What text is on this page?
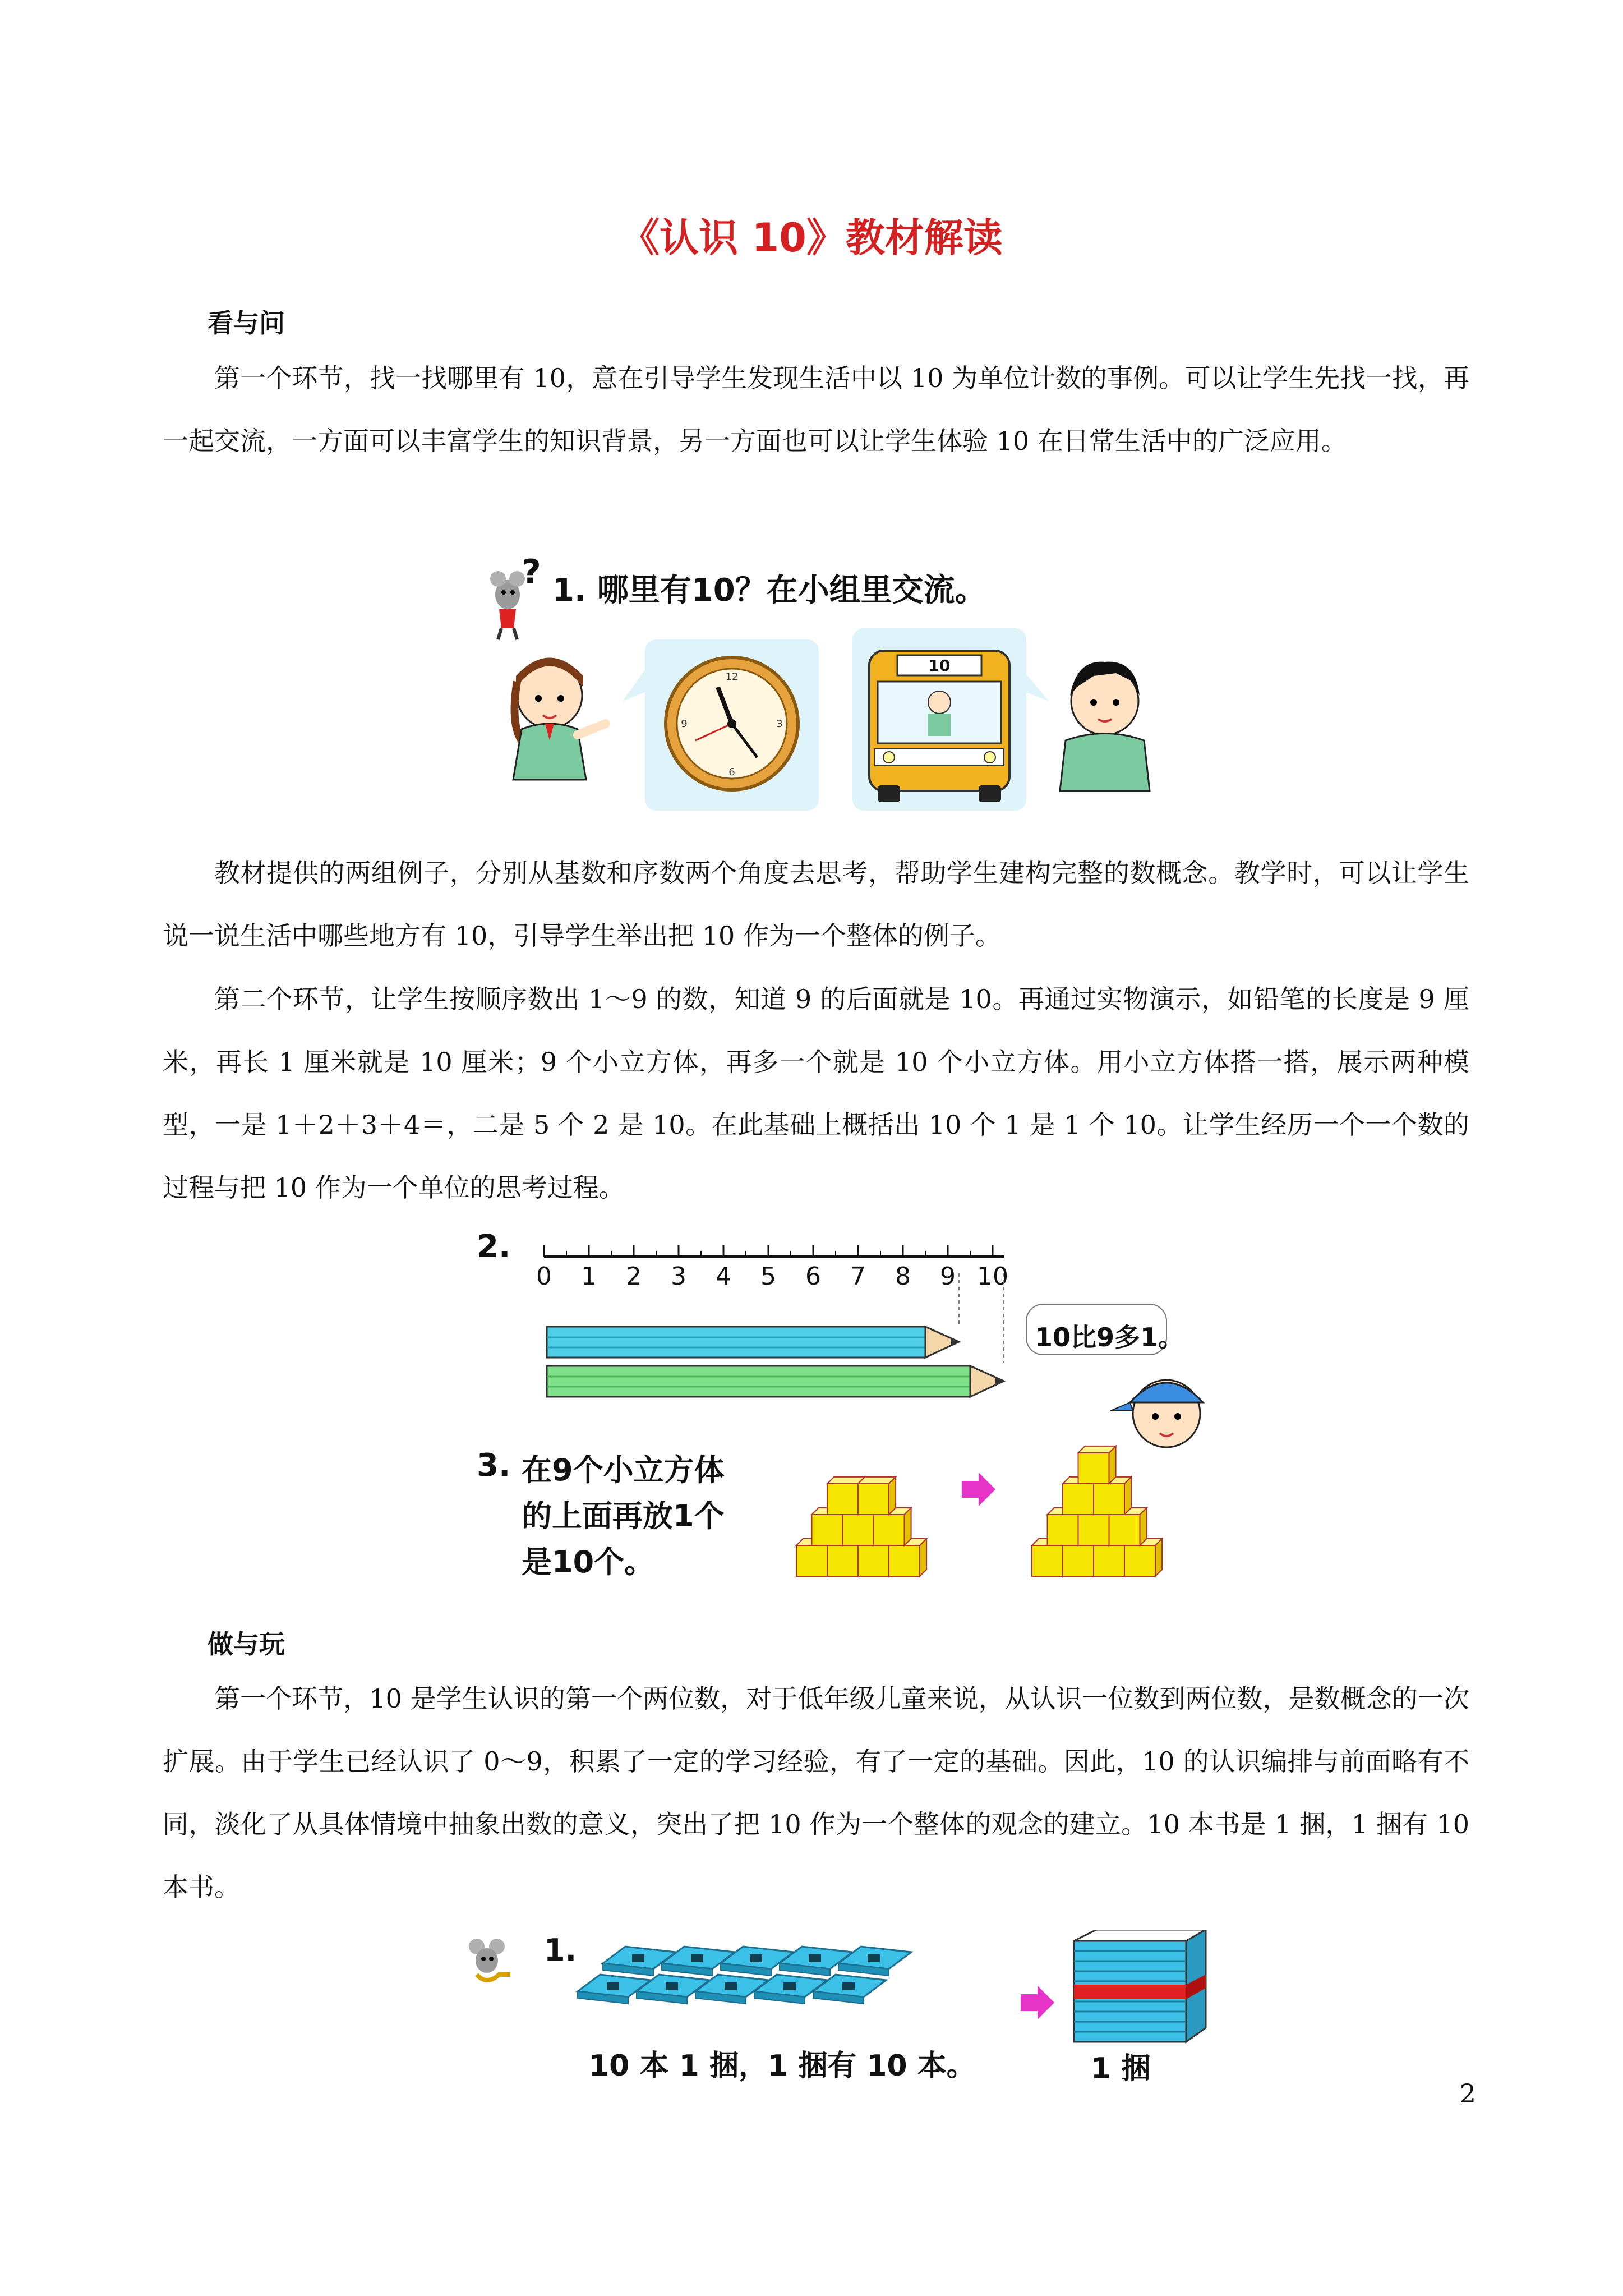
《认识 10》教材解读
看与问
第一个环节，找一找哪里有 10，意在引导学生发现生活中以 10 为单位计数的事例。可以让学生先找一找，再一起交流，一方面可以丰富学生的知识背景，另一方面也可以让学生体验 10 在日常生活中的广泛应用。
?
12
3
6
9
10
1. 哪里有10？在小组里交流。
教材提供的两组例子，分别从基数和序数两个角度去思考，帮助学生建构完整的数概念。教学时，可以让学生说一说生活中哪些地方有 10，引导学生举出把 10 作为一个整体的例子。
第二个环节，让学生按顺序数出 1～9 的数，知道 9 的后面就是 10。再通过实物演示，如铅笔的长度是 9 厘米，再长 1 厘米就是 10 厘米；9 个小立方体，再多一个就是 10 个小立方体。用小立方体搭一搭，展示两种模型，一是 1＋2＋3＋4＝，二是 5 个 2 是 10。在此基础上概括出 10 个 1 是 1 个 10。让学生经历一个一个数的过程与把 10 作为一个单位的思考过程。
2.
0 1 2 3 4 5 6 7 8 9 10
10比9多1。
3. 在9个小立方体
的上面再放1个
是10个。
做与玩
第一个环节，10 是学生认识的第一个两位数，对于低年级儿童来说，从认识一位数到两位数，是数概念的一次扩展。由于学生已经认识了 0～9，积累了一定的学习经验，有了一定的基础。因此，10 的认识编排与前面略有不同，淡化了从具体情境中抽象出数的意义，突出了把 10 作为一个整体的观念的建立。10 本书是 1 捆，1 捆有 10 本书。
1.
10 本 1 捆，1 捆有 10 本。	1 捆
2
